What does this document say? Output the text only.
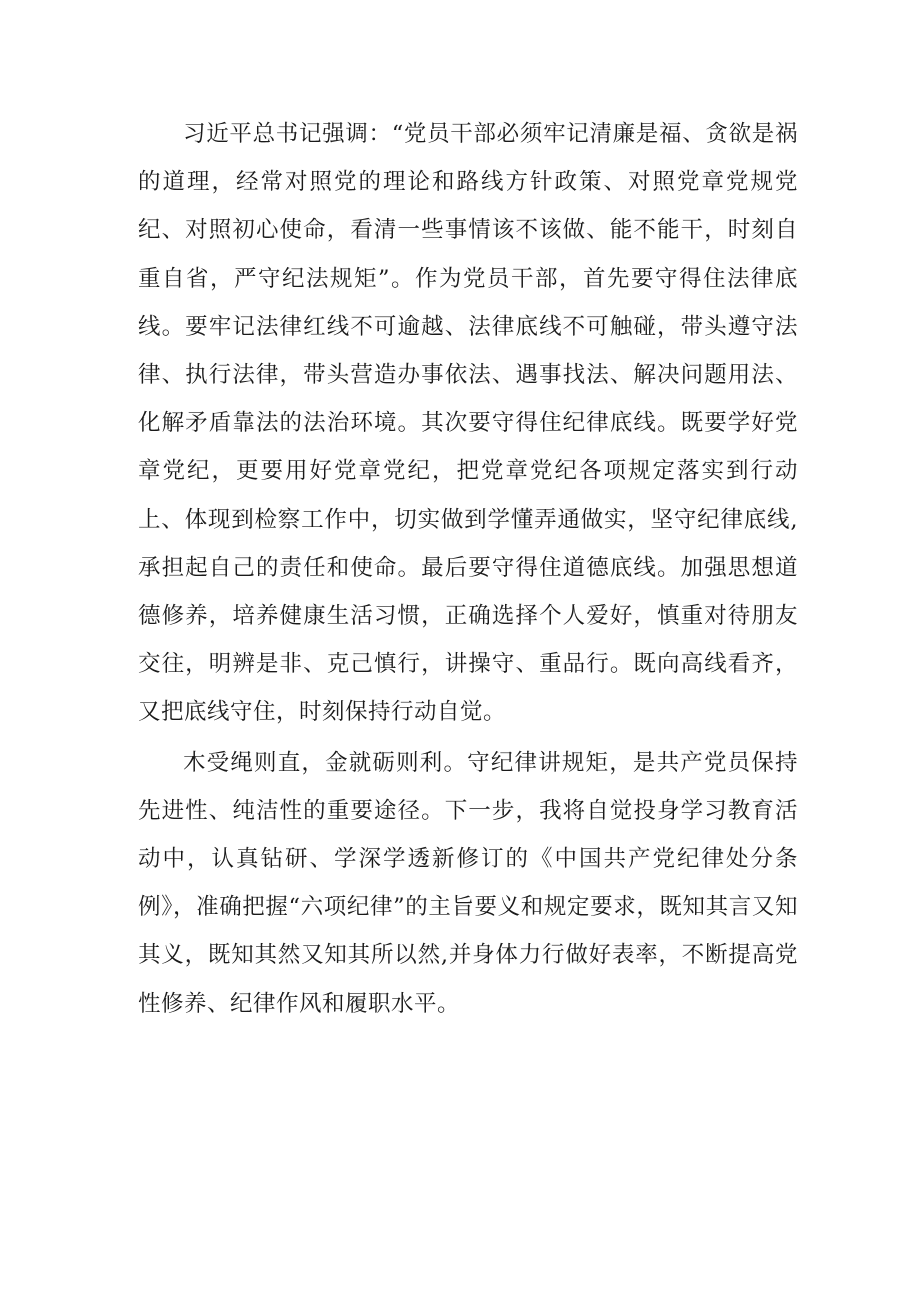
习近平总书记强调：“党员干部必须牢记清廉是福、贪欲是祸的道理，经常对照党的理论和路线方针政策、对照党章党规党纪、对照初心使命，看清一些事情该不该做、能不能干，时刻自重自省，严守纪法规矩”。作为党员干部，首先要守得住法律底线。要牢记法律红线不可逾越、法律底线不可触碰，带头遵守法律、执行法律，带头营造办事依法、遇事找法、解决问题用法、化解矛盾靠法的法治环境。其次要守得住纪律底线。既要学好党章党纪，更要用好党章党纪，把党章党纪各项规定落实到行动上、体现到检察工作中，切实做到学懂弄通做实，坚守纪律底线,承担起自己的责任和使命。最后要守得住道德底线。加强思想道德修养，培养健康生活习惯，正确选择个人爱好，慎重对待朋友交往，明辨是非、克己慎行，讲操守、重品行。既向高线看齐，又把底线守住，时刻保持行动自觉。

木受绳则直，金就砺则利。守纪律讲规矩，是共产党员保持先进性、纯洁性的重要途径。下一步，我将自觉投身学习教育活动中，认真钻研、学深学透新修订的《中国共产党纪律处分条例》，准确把握“六项纪律”的主旨要义和规定要求，既知其言又知其义，既知其然又知其所以然,并身体力行做好表率，不断提高党性修养、纪律作风和履职水平。
